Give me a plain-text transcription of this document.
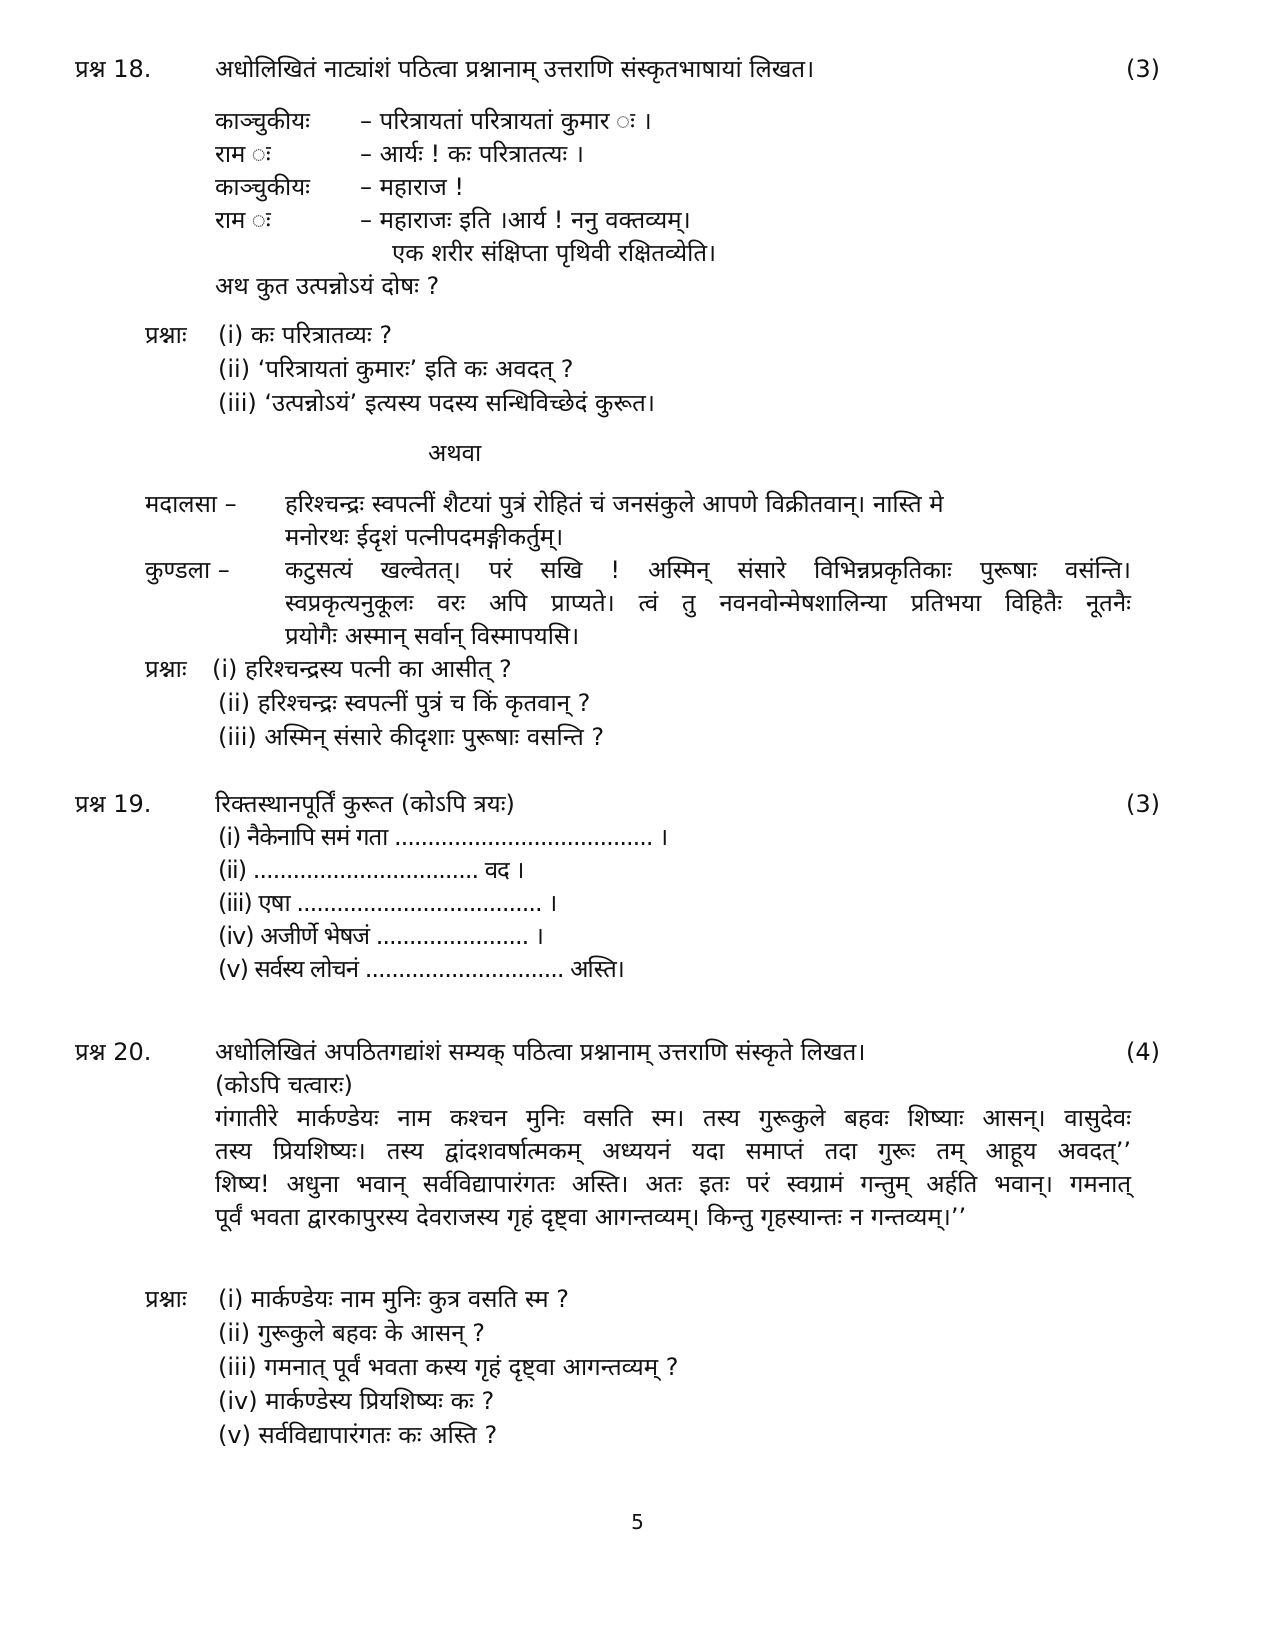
प्रश्न 18.	अधोलिखितं नाट्यांशं पठित्वा प्रश्नानाम् उत्तराणि संस्कृतभाषायां लिखत।	(3)
काञ्चुकीयः – परित्रायतां परित्रायतां कुमार ः ।
राम ः	– आर्यः ! कः परित्रातत्यः ।
काञ्चुकीयः – महाराज !
राम ः	– महाराजः इति ।आर्य ! ननु वक्तव्यम्।
एक शरीर संक्षिप्ता पृथिवी रक्षितव्येति।
अथ कुत उत्पन्नोऽयं दोषः ?
प्रश्नाः (i) कः परित्रातव्यः ?
(ii) ‘परित्रायतां कुमारः’ इति कः अवदत् ?
(iii) ‘उत्पन्नोऽयं’ इत्यस्य पदस्य सन्धिविच्छेदं कुरूत।
अथवा
मदालसा – हरिश्चन्द्रः स्वपत्नीं शैटयां पुत्रं रोहितं चं जनसंकुले आपणे विक्रीतवान्। नास्ति मे
मनोरथः ईदृशं पत्नीपदमङ्गीकर्तुम्।
कुण्डला – कटुसत्यं खल्वेतत्। परं सखि ! अस्मिन् संसारे विभिन्नप्रकृतिकाः पुरूषाः वसंन्ति।
स्वप्रकृत्यनुकूलः वरः अपि प्राप्यते। त्वं तु नवनवोन्मेषशालिन्या प्रतिभया विहितैः नूतनैः
प्रयोगैः अस्मान् सर्वान् विस्मापयसि।
प्रश्नाः (i) हरिश्चन्द्रस्य पत्नी का आसीत् ?
(ii) हरिश्चन्द्रः स्वपत्नीं पुत्रं च किं कृतवान् ?
(iii) अस्मिन् संसारे कीदृशाः पुरूषाः वसन्ति ?
प्रश्न 19.	रिक्तस्थानपूर्तिं कुरूत (कोऽपि त्रयः)	(3)
(i) नैकेनापि समं गता ....................................... ।
(ii) .................................. वद ।
(iii) एषा ..................................... ।
(iv) अजीर्णे भेषजं ....................... ।
(v) सर्वस्य लोचनं .............................. अस्ति।
प्रश्न 20.	अधोलिखितं अपठितगद्यांशं सम्यक् पठित्वा प्रश्नानाम् उत्तराणि संस्कृते लिखत।	(4)
(कोऽपि चत्वारः)
गंगातीरे मार्कण्डेयः नाम कश्चन मुनिः वसति स्म। तस्य गुरूकुले बहवः शिष्याः आसन्। वासुदेवः
तस्य प्रियशिष्यः। तस्य द्वांदशवर्षात्मकम् अध्ययनं यदा समाप्तं तदा गुरूः तम् आहूय अवदत्’’
शिष्य! अधुना भवान् सर्वविद्यापारंगतः अस्ति। अतः इतः परं स्वग्रामं गन्तुम् अर्हति भवान्। गमनात्
पूर्वं भवता द्वारकापुरस्य देवराजस्य गृहं दृष्ट्वा आगन्तव्यम्। किन्तु गृहस्यान्तः न गन्तव्यम्।’’
प्रश्नाः (i) मार्कण्डेयः नाम मुनिः कुत्र वसति स्म ?
(ii) गुरूकुले बहवः के आसन् ?
(iii) गमनात् पूर्वं भवता कस्य गृहं दृष्ट्वा आगन्तव्यम् ?
(iv) मार्कण्डेस्य प्रियशिष्यः कः ?
(v) सर्वविद्यापारंगतः कः अस्ति ?
5
